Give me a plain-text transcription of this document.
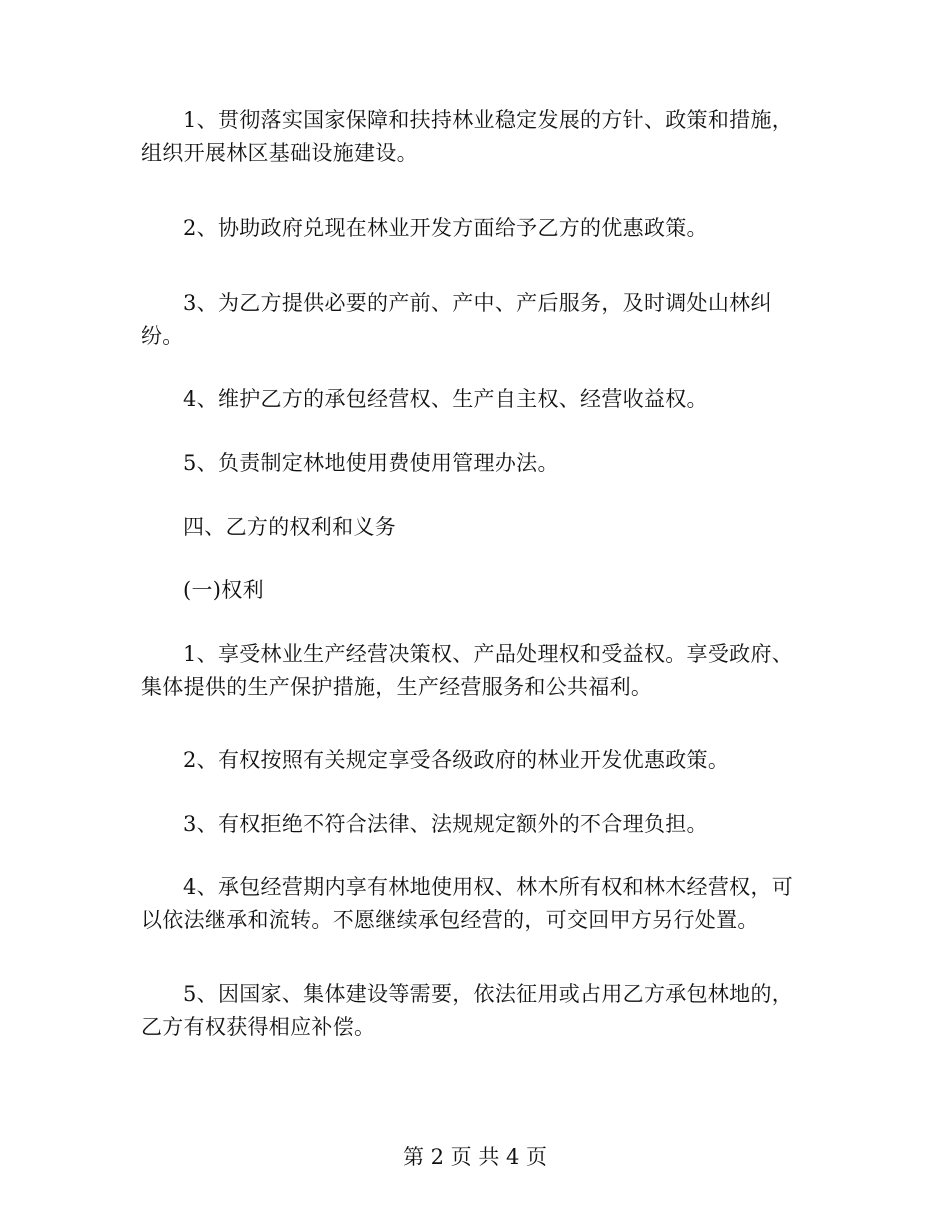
1、贯彻落实国家保障和扶持林业稳定发展的方针、政策和措施，组织开展林区基础设施建设。

2、协助政府兑现在林业开发方面给予乙方的优惠政策。

3、为乙方提供必要的产前、产中、产后服务，及时调处山林纠纷。

4、维护乙方的承包经营权、生产自主权、经营收益权。

5、负责制定林地使用费使用管理办法。

四、乙方的权利和义务

(一)权利

1、享受林业生产经营决策权、产品处理权和受益权。享受政府、集体提供的生产保护措施，生产经营服务和公共福利。

2、有权按照有关规定享受各级政府的林业开发优惠政策。

3、有权拒绝不符合法律、法规规定额外的不合理负担。

4、承包经营期内享有林地使用权、林木所有权和林木经营权，可以依法继承和流转。不愿继续承包经营的，可交回甲方另行处置。

5、因国家、集体建设等需要，依法征用或占用乙方承包林地的，乙方有权获得相应补偿。

第 2 页 共 4 页
